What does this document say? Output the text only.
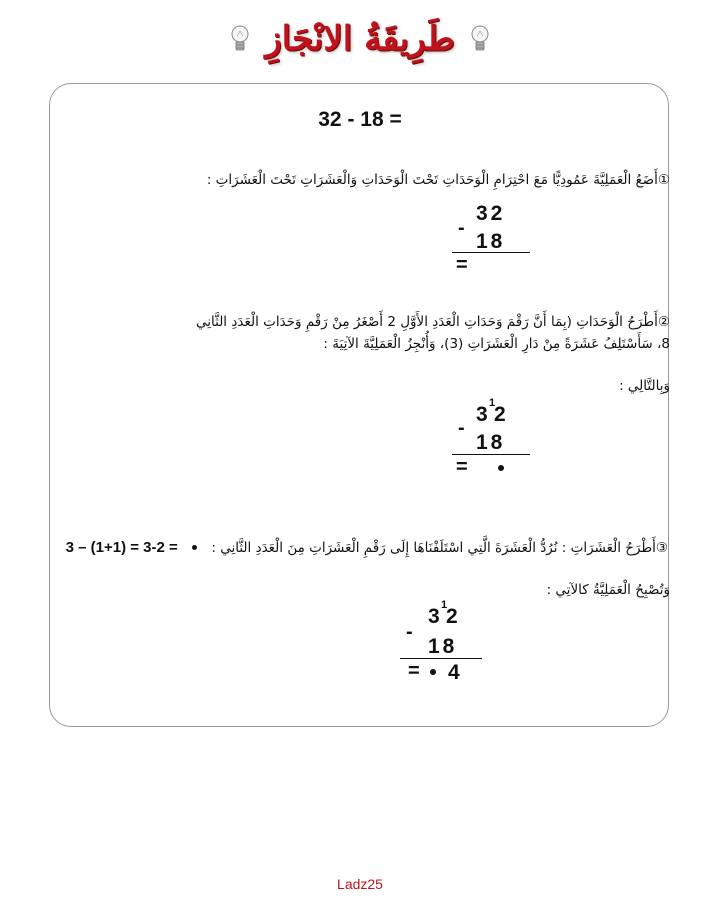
طَرِيقَةُ الانْجَازِ
32 - 18 =
①أَضَعُ الْعَمَلِيَّةَ عَمُودِيًّا مَعَ احْتِرَامِ الْوَحَدَاتِ تَحْتَ الْوَحَدَاتِ وَالْعَشَرَاتِ تَحْتَ الْعَشَرَاتِ :
32
-
18
=
②أَطْرَحُ الْوَحَدَاتِ (بِمَا أَنَّ رَقْمَ وَحَدَاتِ الْعَدَدِ الأَوَّلِ 2 أَصْغَرُ مِنْ رَقْمِ وَحَدَاتِ الْعَدَدِ الثَّانِي
8، سَأَسْتَلِفُ عَشَرَةً مِنْ دَارِ الْعَشَرَاتِ (3)، وَأُنْجِزُ الْعَمَلِيَّةَ الآتِيَةَ :
وَبِالتَّالِي :
3 1
2
-
18
=
③أَطْرَحُ الْعَشَرَاتِ : نُرُدُّ الْعَشَرَةَ الَّتِي اسْتَلَفْنَاهَا إِلَى رَقْمِ الْعَشَرَاتِ مِنَ الْعَدَدِ الثَّانِي :  3 – (1+1) = 3-2 =
وَتُصْبِحُ الْعَمَلِيَّةُ كالآتِي :
3 1
2
-
18
= 4
Ladz25
